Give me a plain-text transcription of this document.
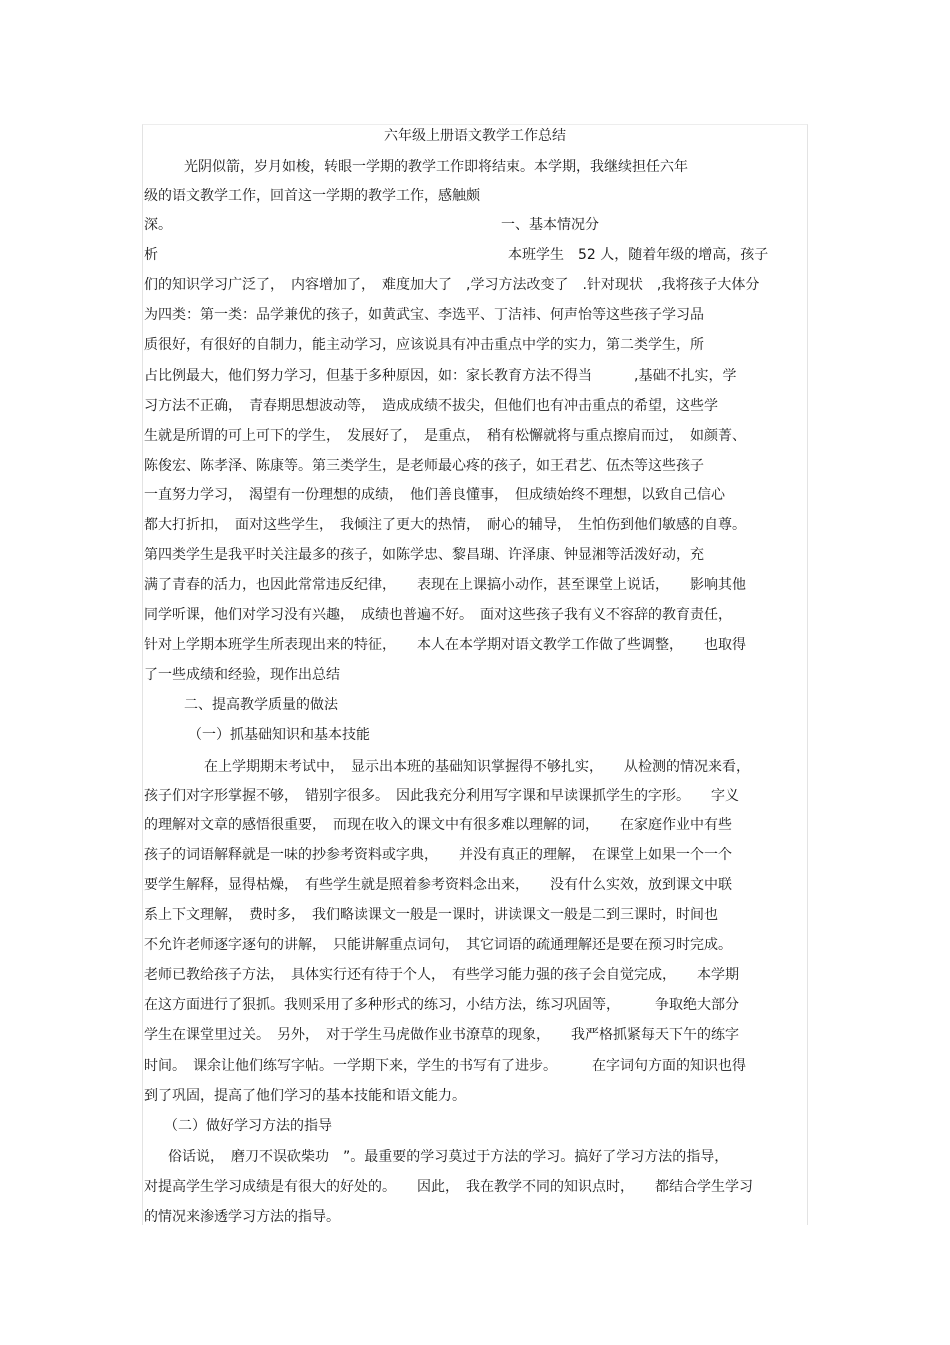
六年级上册语文教学工作总结
光阴似箭，岁月如梭，转眼一学期的教学工作即将结束。本学期，我继续担任六年
级的语文教学工作，回首这一学期的教学工作，感触颇
深。　　　　　　　　　　　　　　　　　　　　　　　　一、基本情况分
析　　　　　　　　　　　　　　　　　　　　　　　　　本班学生　52 人，随着年级的增高，孩子
们的知识学习广泛了，　内容增加了，　难度加大了　,学习方法改变了　.针对现状　,我将孩子大体分
为四类：第一类：品学兼优的孩子，如黄武宝、李选平、丁洁祎、何声怡等这些孩子学习品
质很好，有很好的自制力，能主动学习，应该说具有冲击重点中学的实力，第二类学生，所
占比例最大，他们努力学习，但基于多种原因，如：家长教育方法不得当　　　,基础不扎实，学
习方法不正确，　青春期思想波动等，　造成成绩不拔尖，但他们也有冲击重点的希望，这些学
生就是所谓的可上可下的学生，　发展好了，　是重点，　稍有松懈就将与重点擦肩而过，　如颜菁、
陈俊宏、陈孝泽、陈康等。第三类学生，是老师最心疼的孩子，如王君艺、伍杰等这些孩子
一直努力学习，　渴望有一份理想的成绩，　他们善良懂事，　但成绩始终不理想，以致自己信心
都大打折扣，　面对这些学生，　我倾注了更大的热情，　耐心的辅导，　生怕伤到他们敏感的自尊。
第四类学生是我平时关注最多的孩子，如陈学忠、黎昌瑚、许泽康、钟显湘等活泼好动，充
满了青春的活力，也因此常常违反纪律，　　表现在上课搞小动作，甚至课堂上说话，　　影响其他
同学听课，他们对学习没有兴趣，　成绩也普遍不好。　面对这些孩子我有义不容辞的教育责任，
针对上学期本班学生所表现出来的特征，　　本人在本学期对语文教学工作做了些调整，　　也取得
了一些成绩和经验，现作出总结
二、提高教学质量的做法
（一）抓基础知识和基本技能
在上学期期末考试中，　显示出本班的基础知识掌握得不够扎实，　　从检测的情况来看，
孩子们对字形掌握不够，　错别字很多。　因此我充分利用写字课和早读课抓学生的字形。　　字义
的理解对文章的感悟很重要，　而现在收入的课文中有很多难以理解的词，　　在家庭作业中有些
孩子的词语解释就是一味的抄参考资料或字典，　　并没有真正的理解，　在课堂上如果一个一个
要学生解释，显得枯燥，　有些学生就是照着参考资料念出来，　　没有什么实效，放到课文中联
系上下文理解，　费时多，　我们略读课文一般是一课时，讲读课文一般是二到三课时，时间也
不允许老师逐字逐句的讲解，　只能讲解重点词句，　其它词语的疏通理解还是要在预习时完成。
老师已教给孩子方法，　具体实行还有待于个人，　有些学习能力强的孩子会自觉完成，　　本学期
在这方面进行了狠抓。我则采用了多种形式的练习，小结方法，练习巩固等，　　　争取绝大部分
学生在课堂里过关。　另外，　对于学生马虎做作业书潦草的现象，　　我严格抓紧每天下午的练字
时间。　课余让他们练写字帖。一学期下来，学生的书写有了进步。　　　在字词句方面的知识也得
到了巩固，提高了他们学习的基本技能和语文能力。
（二）做好学习方法的指导
俗话说，　磨刀不误砍柴功　”。最重要的学习莫过于方法的学习。搞好了学习方法的指导，
对提高学生学习成绩是有很大的好处的。　　因此，　我在教学不同的知识点时，　　都结合学生学习
的情况来渗透学习方法的指导。
